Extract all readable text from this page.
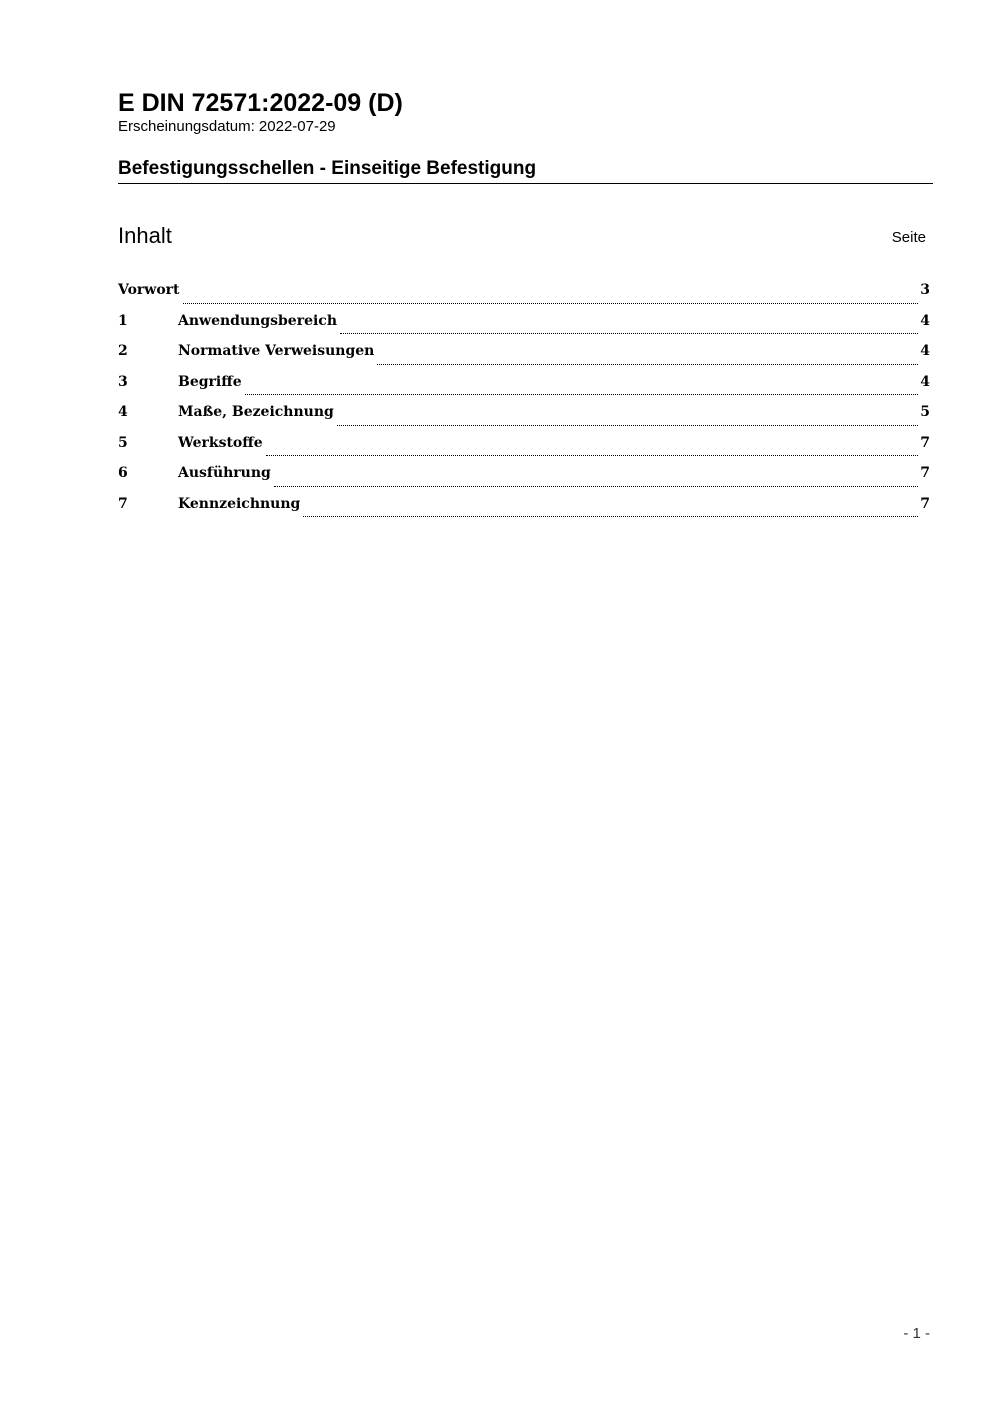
E DIN 72571:2022-09 (D)

Erscheinungsdatum: 2022-07-29

Befestigungsschellen - Einseitige Befestigung
Inhalt	Seite
Vorwort	3
1	Anwendungsbereich	4
2	Normative Verweisungen	4
3	Begriffe	4
4	Maße, Bezeichnung	5
5	Werkstoffe	7
6	Ausführung	7
7	Kennzeichnung	7
- 1 -
